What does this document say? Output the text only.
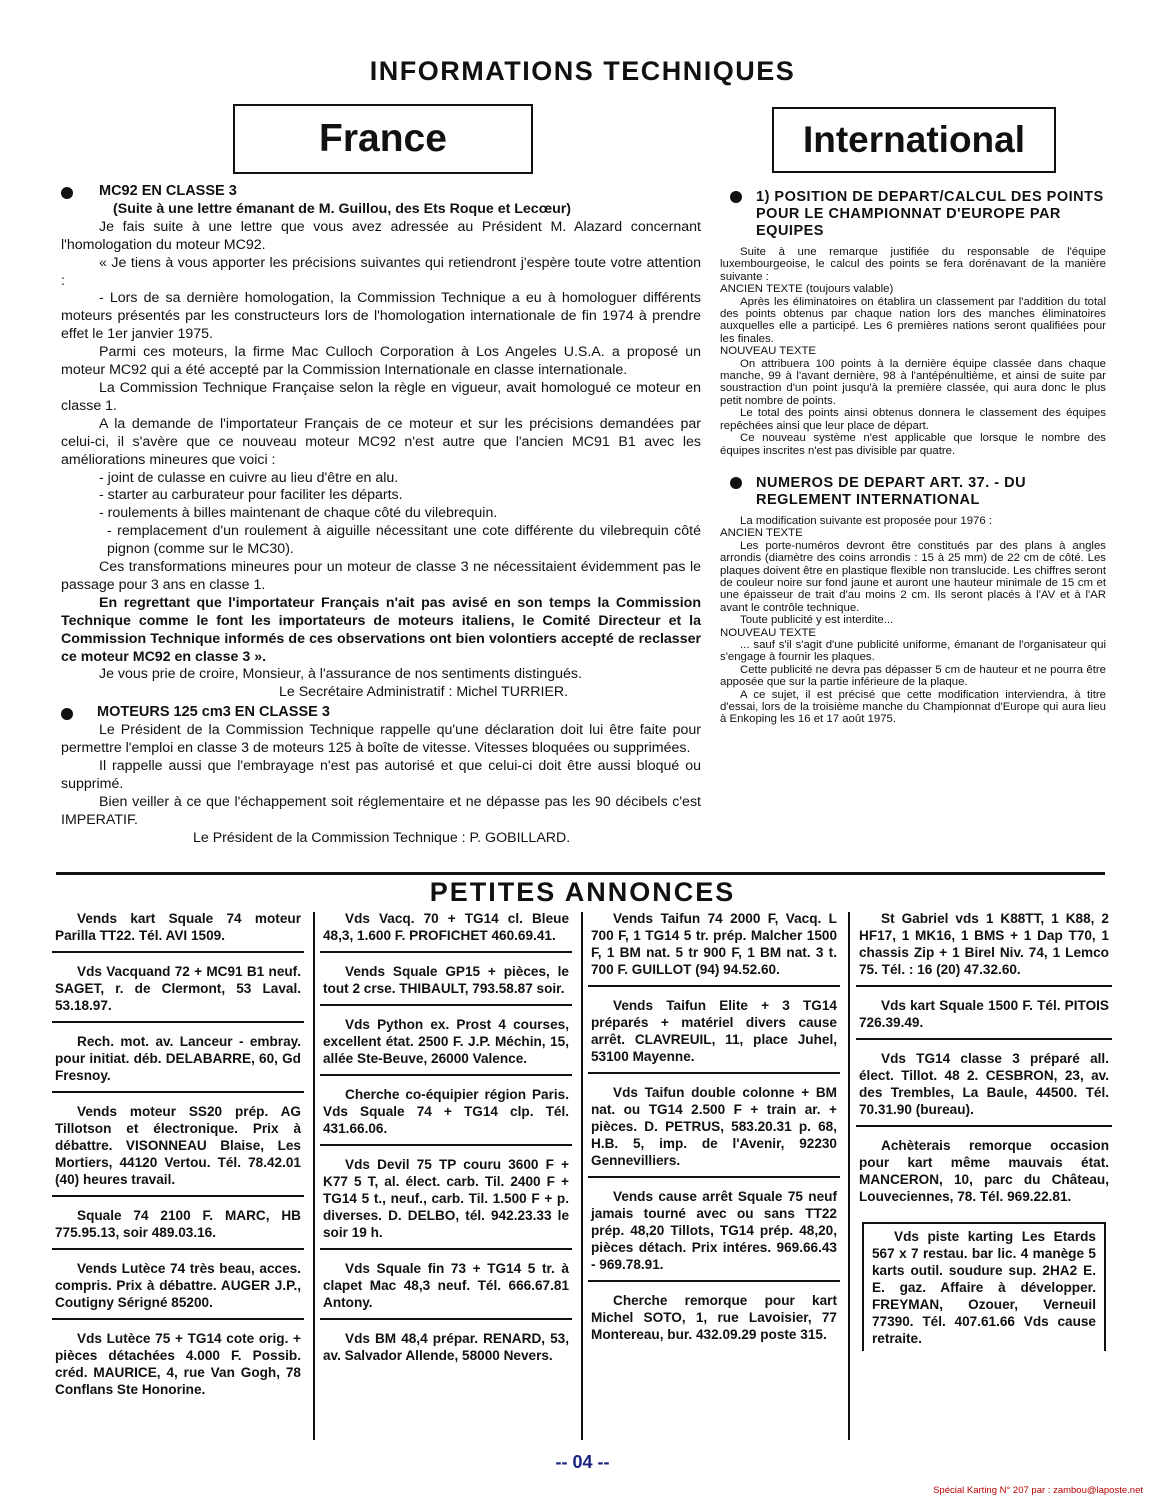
INFORMATIONS TECHNIQUES
France	International
MC92 EN CLASSE 3

(Suite à une lettre émanant de M. Guillou, des Ets Roque et Lecœur)

Je fais suite à une lettre que vous avez adressée au Président M. Alazard concernant l'homologation du moteur MC92.

« Je tiens à vous apporter les précisions suivantes qui retiendront j'espère toute votre attention :

- Lors de sa dernière homologation, la Commission Technique a eu à homologuer différents moteurs présentés par les constructeurs lors de l'homologation internationale de fin 1974 à prendre effet le 1er janvier 1975.

Parmi ces moteurs, la firme Mac Culloch Corporation à Los Angeles U.S.A. a proposé un moteur MC92 qui a été accepté par la Commission Internationale en classe internationale.

La Commission Technique Française selon la règle en vigueur, avait homologué ce moteur en classe 1.

A la demande de l'importateur Français de ce moteur et sur les précisions demandées par celui-ci, il s'avère que ce nouveau moteur MC92 n'est autre que l'ancien MC91 B1 avec les améliorations mineures que voici :

- joint de culasse en cuivre au lieu d'être en alu.

- starter au carburateur pour faciliter les départs.

- roulements à billes maintenant de chaque côté du vilebrequin.

- remplacement d'un roulement à aiguille nécessitant une cote différente du vilebrequin côté pignon (comme sur le MC30).

Ces transformations mineures pour un moteur de classe 3 ne nécessitaient évidemment pas le passage pour 3 ans en classe 1.

En regrettant que l'importateur Français n'ait pas avisé en son temps la Commission Technique comme le font les importateurs de moteurs italiens, le Comité Directeur et la Commission Technique informés de ces observations ont bien volontiers accepté de reclasser ce moteur MC92 en classe 3 ».

Je vous prie de croire, Monsieur, à l'assurance de nos sentiments distingués.

Le Secrétaire Administratif : Michel TURRIER.

MOTEURS 125 cm3 EN CLASSE 3

Le Président de la Commission Technique rappelle qu'une déclaration doit lui être faite pour permettre l'emploi en classe 3 de moteurs 125 à boîte de vitesse. Vitesses bloquées ou supprimées.

Il rappelle aussi que l'embrayage n'est pas autorisé et que celui-ci doit être aussi bloqué ou supprimé.

Bien veiller à ce que l'échappement soit réglementaire et ne dépasse pas les 90 décibels c'est IMPERATIF.

Le Président de la Commission Technique : P. GOBILLARD.

1) POSITION DE DEPART/CALCUL DES POINTS POUR LE CHAMPIONNAT D'EUROPE PAR EQUIPES

Suite à une remarque justifiée du responsable de l'équipe luxembourgeoise, le calcul des points se fera dorénavant de la manière suivante :

ANCIEN TEXTE (toujours valable)

Après les éliminatoires on établira un classement par l'addition du total des points obtenus par chaque nation lors des manches éliminatoires auxquelles elle a participé. Les 6 premières nations seront qualifiées pour les finales.

NOUVEAU TEXTE

On attribuera 100 points à la dernière équipe classée dans chaque manche, 99 à l'avant dernière, 98 à l'antépénultième, et ainsi de suite par soustraction d'un point jusqu'à la première classée, qui aura donc le plus petit nombre de points.

Le total des points ainsi obtenus donnera le classement des équipes repêchées ainsi que leur place de départ.

Ce nouveau système n'est applicable que lorsque le nombre des équipes inscrites n'est pas divisible par quatre.

NUMEROS DE DEPART ART. 37. - DU REGLEMENT INTERNATIONAL

La modification suivante est proposée pour 1976 :

ANCIEN TEXTE

Les porte-numéros devront être constitués par des plans à angles arrondis (diamètre des coins arrondis : 15 à 25 mm) de 22 cm de côté. Les plaques doivent être en plastique flexible non translucide. Les chiffres seront de couleur noire sur fond jaune et auront une hauteur minimale de 15 cm et une épaisseur de trait d'au moins 2 cm. Ils seront placés à l'AV et à l'AR avant le contrôle technique.

Toute publicité y est interdite...

NOUVEAU TEXTE

... sauf s'il s'agit d'une publicité uniforme, émanant de l'organisateur qui s'engage à fournir les plaques.

Cette publicité ne devra pas dépasser 5 cm de hauteur et ne pourra être apposée que sur la partie inférieure de la plaque.

A ce sujet, il est précisé que cette modification interviendra, à titre d'essai, lors de la troisième manche du Championnat d'Europe qui aura lieu à Enkoping les 16 et 17 août 1975.

PETITES ANNONCES
Vends kart Squale 74 moteur Parilla TT22. Tél. AVI 1509.
Vds Vacquand 72 + MC91 B1 neuf. SAGET, r. de Clermont, 53 Laval. 53.18.97.
Rech. mot. av. Lanceur - embray. pour initiat. déb. DELABARRE, 60, Gd Fresnoy.
Vends moteur SS20 prép. AG Tillotson et électronique. Prix à débattre. VISONNEAU Blaise, Les Mortiers, 44120 Vertou. Tél. 78.42.01 (40) heures travail.
Squale 74 2100 F. MARC, HB 775.95.13, soir 489.03.16.
Vends Lutèce 74 très beau, acces. compris. Prix à débattre. AUGER J.P., Coutigny Sérigné 85200.
Vds Lutèce 75 + TG14 cote orig. + pièces détachées 4.000 F. Possib. créd. MAURICE, 4, rue Van Gogh, 78 Conflans Ste Honorine.
Vds Vacq. 70 + TG14 cl. Bleue 48,3, 1.600 F. PROFICHET 460.69.41.
Vends Squale GP15 + pièces, le tout 2 crse. THIBAULT, 793.58.87 soir.
Vds Python ex. Prost 4 courses, excellent état. 2500 F. J.P. Méchin, 15, allée Ste-Beuve, 26000 Valence.
Cherche co-équipier région Paris. Vds Squale 74 + TG14 clp. Tél. 431.66.06.
Vds Devil 75 TP couru 3600 F + K77 5 T, al. élect. carb. Til. 2400 F + TG14 5 t., neuf., carb. Til. 1.500 F + p. diverses. D. DELBO, tél. 942.23.33 le soir 19 h.
Vds Squale fin 73 + TG14 5 tr. à clapet Mac 48,3 neuf. Tél. 666.67.81 Antony.
Vds BM 48,4 prépar. RENARD, 53, av. Salvador Allende, 58000 Nevers.
Vends Taifun 74 2000 F, Vacq. L 700 F, 1 TG14 5 tr. prép. Malcher 1500 F, 1 BM nat. 5 tr 900 F, 1 BM nat. 3 t. 700 F. GUILLOT (94) 94.52.60.
Vends Taifun Elite + 3 TG14 préparés + matériel divers cause arrêt. CLAVREUIL, 11, place Juhel, 53100 Mayenne.
Vds Taifun double colonne + BM nat. ou TG14 2.500 F + train ar. + pièces. D. PETRUS, 583.20.31 p. 68, H.B. 5, imp. de l'Avenir, 92230 Gennevilliers.
Vends cause arrêt Squale 75 neuf jamais tourné avec ou sans TT22 prép. 48,20 Tillots, TG14 prép. 48,20, pièces détach. Prix intéres. 969.66.43 - 969.78.91.
Cherche remorque pour kart Michel SOTO, 1, rue Lavoisier, 77 Montereau, bur. 432.09.29 poste 315.
St Gabriel vds 1 K88TT, 1 K88, 2 HF17, 1 MK16, 1 BMS + 1 Dap T70, 1 chassis Zip + 1 Birel Niv. 74, 1 Lemco 75. Tél. : 16 (20) 47.32.60.
Vds kart Squale 1500 F. Tél. PITOIS 726.39.49.
Vds TG14 classe 3 préparé all. élect. Tillot. 48 2. CESBRON, 23, av. des Trembles, La Baule, 44500. Tél. 70.31.90 (bureau).
Achèterais remorque occasion pour kart même mauvais état. MANCERON, 10, parc du Château, Louveciennes, 78. Tél. 969.22.81.
Vds piste karting Les Etards 567 x 7 restau. bar lic. 4 manège 5 karts outil. soudure sup. 2HA2 E. E. gaz. Affaire à développer. FREYMAN, Ozouer, Verneuil 77390. Tél. 407.61.66 Vds cause retraite.
-- 04 --
Spécial Karting N° 207 par : zambou@laposte.net
